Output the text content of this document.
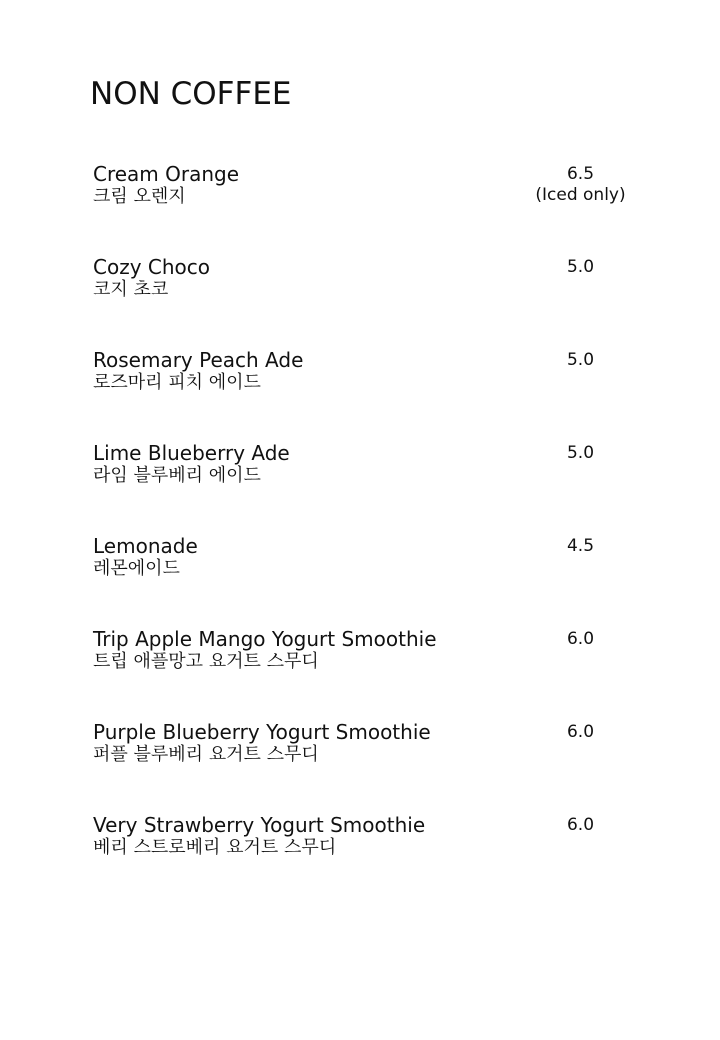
NON COFFEE
Cream Orange
크림 오렌지
6.5
(Iced only)
Cozy Choco
코지 초코
5.0
Rosemary Peach Ade
로즈마리 피치 에이드
5.0
Lime Blueberry Ade
라임 블루베리 에이드
5.0
Lemonade
레몬에이드
4.5
Trip Apple Mango Yogurt Smoothie
트립 애플망고 요거트 스무디
6.0
Purple Blueberry Yogurt Smoothie
퍼플 블루베리 요거트 스무디
6.0
Very Strawberry Yogurt Smoothie
베리 스트로베리 요거트 스무디
6.0
